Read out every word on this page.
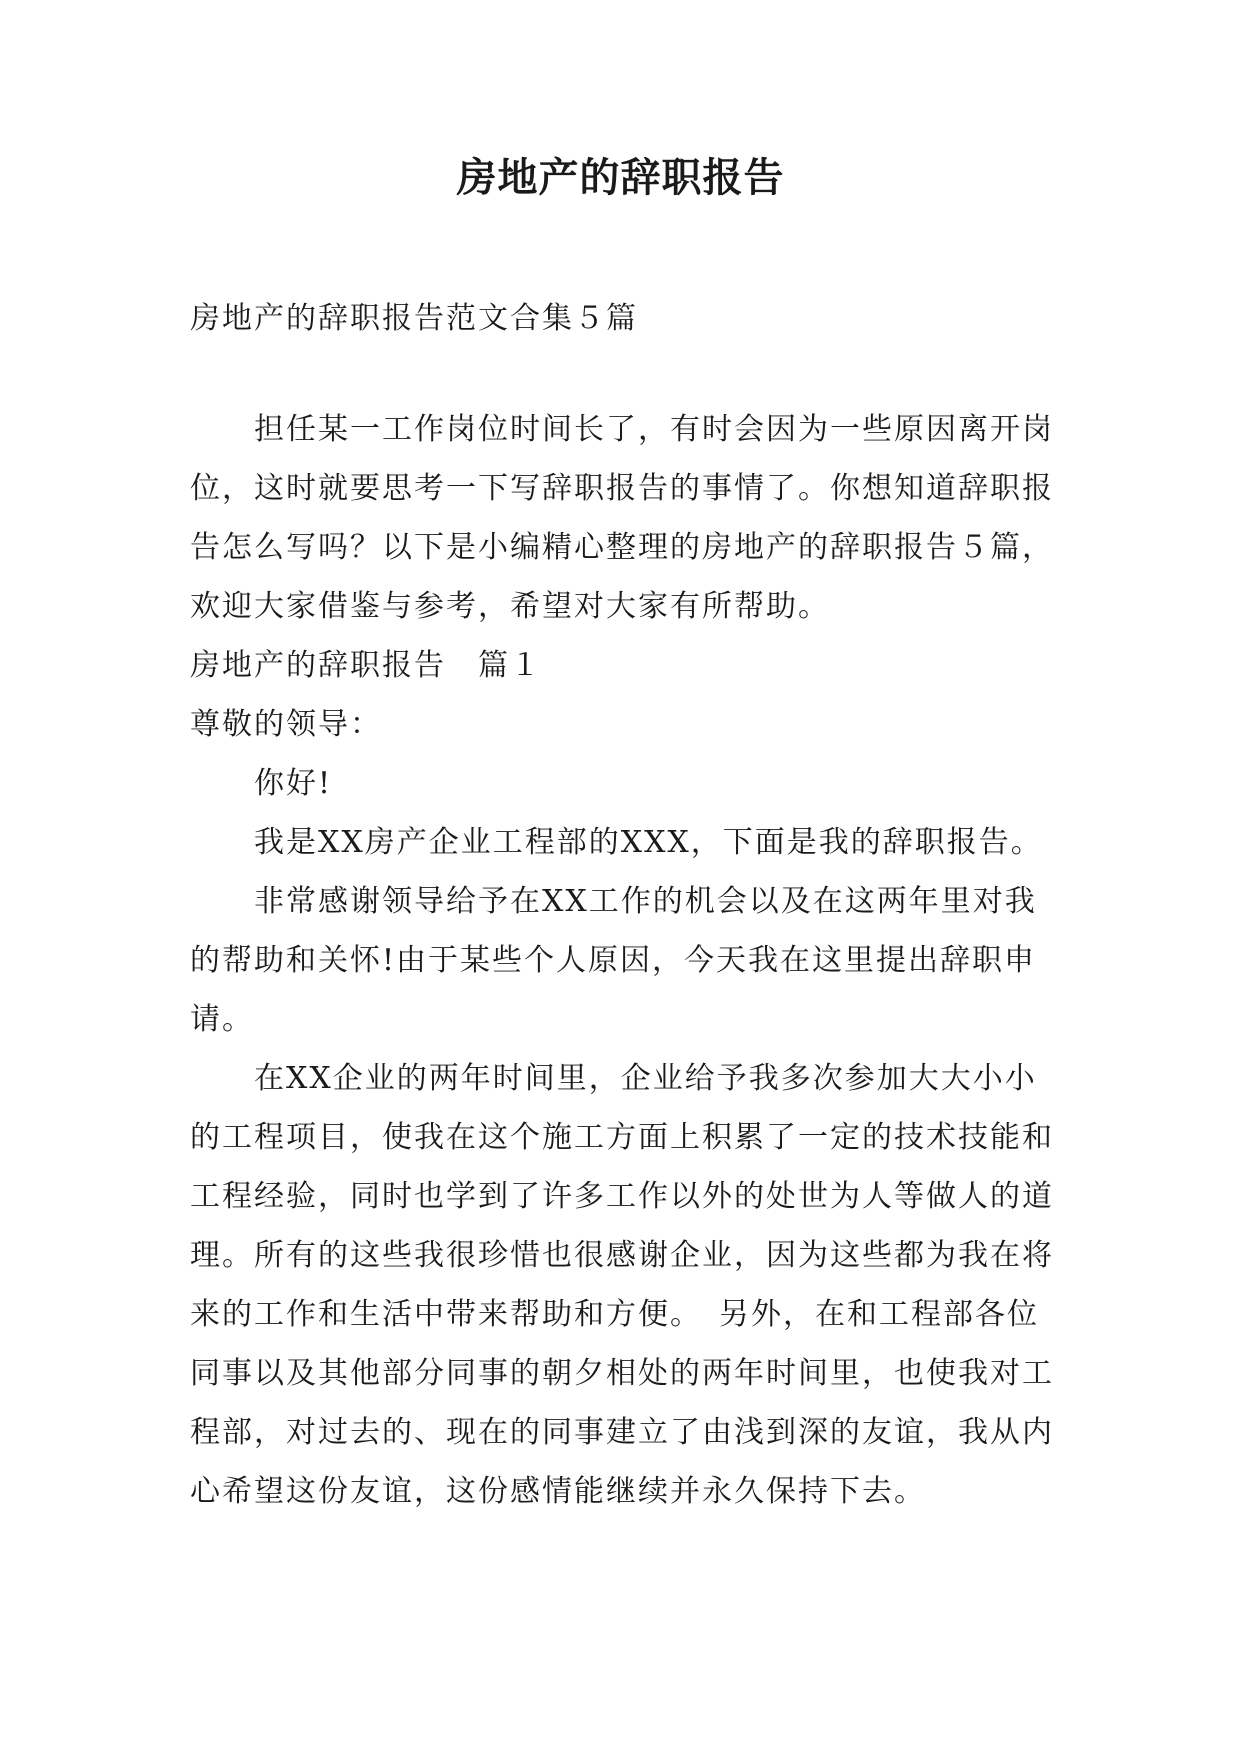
房地产的辞职报告
房地产的辞职报告范文合集５篇

担任某一工作岗位时间长了，有时会因为一些原因离开岗位，这时就要思考一下写辞职报告的事情了。你想知道辞职报告怎么写吗？以下是小编精心整理的房地产的辞职报告５篇，欢迎大家借鉴与参考，希望对大家有所帮助。

房地产的辞职报告　篇１

尊敬的领导：

你好!

我是XX房产企业工程部的XXX，下面是我的辞职报告。

非常感谢领导给予在XX工作的机会以及在这两年里对我的帮助和关怀!由于某些个人原因，今天我在这里提出辞职申请。

在XX企业的两年时间里，企业给予我多次参加大大小小的工程项目，使我在这个施工方面上积累了一定的技术技能和工程经验，同时也学到了许多工作以外的处世为人等做人的道理。所有的这些我很珍惜也很感谢企业，因为这些都为我在将来的工作和生活中带来帮助和方便。　另外，在和工程部各位同事以及其他部分同事的朝夕相处的两年时间里，也使我对工程部，对过去的、现在的同事建立了由浅到深的友谊，我从内心希望这份友谊，这份感情能继续并永久保持下去。
